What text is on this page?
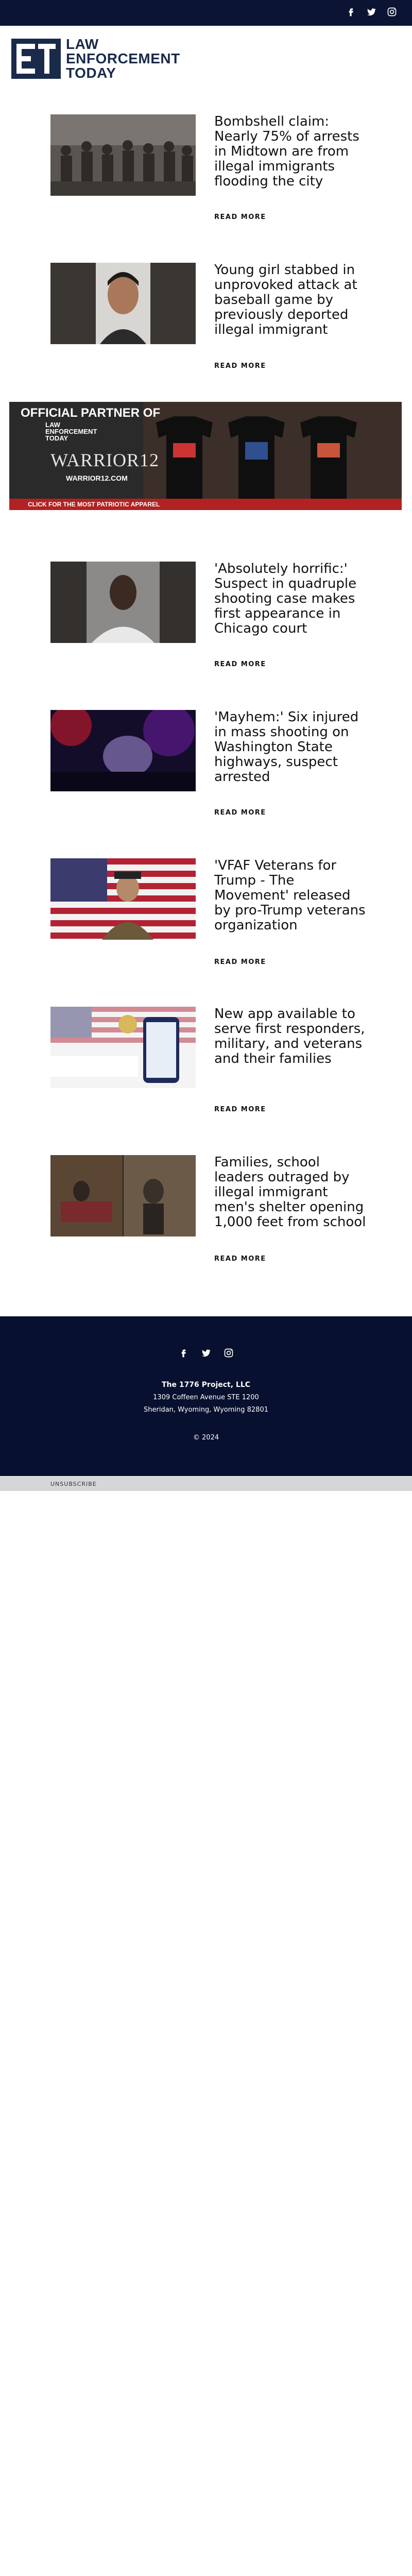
LAW
ENFORCEMENT
TODAY
Bombshell claim: Nearly 75% of arrests in Midtown are from illegal immigrants flooding the city
READ MORE
Young girl stabbed in unprovoked attack at baseball game by previously deported illegal immigrant
READ MORE
OFFICIAL PARTNER OF
LAW
ENFORCEMENT
TODAY
WARRIOR12
WARRIOR12.COM
CLICK FOR THE MOST PATRIOTIC APPAREL
'Absolutely horrific:' Suspect in quadruple shooting case makes first appearance in Chicago court
READ MORE
'Mayhem:' Six injured in mass shooting on Washington State highways, suspect arrested
READ MORE
'VFAF Veterans for Trump - The Movement' released by pro-Trump veterans organization
READ MORE
New app available to serve first responders, military, and veterans and their families
READ MORE
Families, school leaders outraged by illegal immigrant men's shelter opening 1,000 feet from school
READ MORE
The 1776 Project, LLC
1309 Coffeen Avenue STE 1200
Sheridan, Wyoming, Wyoming 82801
© 2024
UNSUBSCRIBE
